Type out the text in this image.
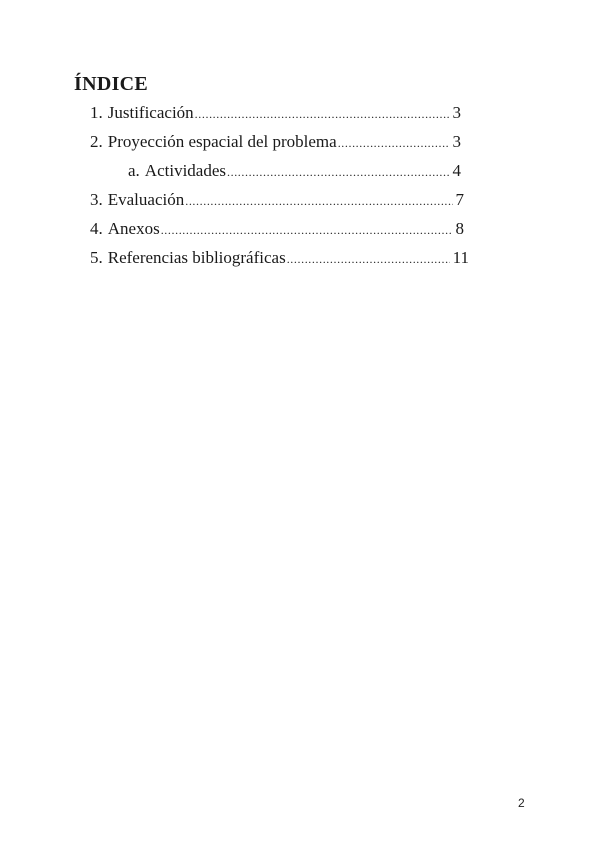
ÍNDICE
1. Justificación .....	3
2. Proyección espacial del problema .....	3
a. Actividades .....	4
3. Evaluación .....	7
4. Anexos .....	8
5. Referencias bibliográficas .....	11
2
